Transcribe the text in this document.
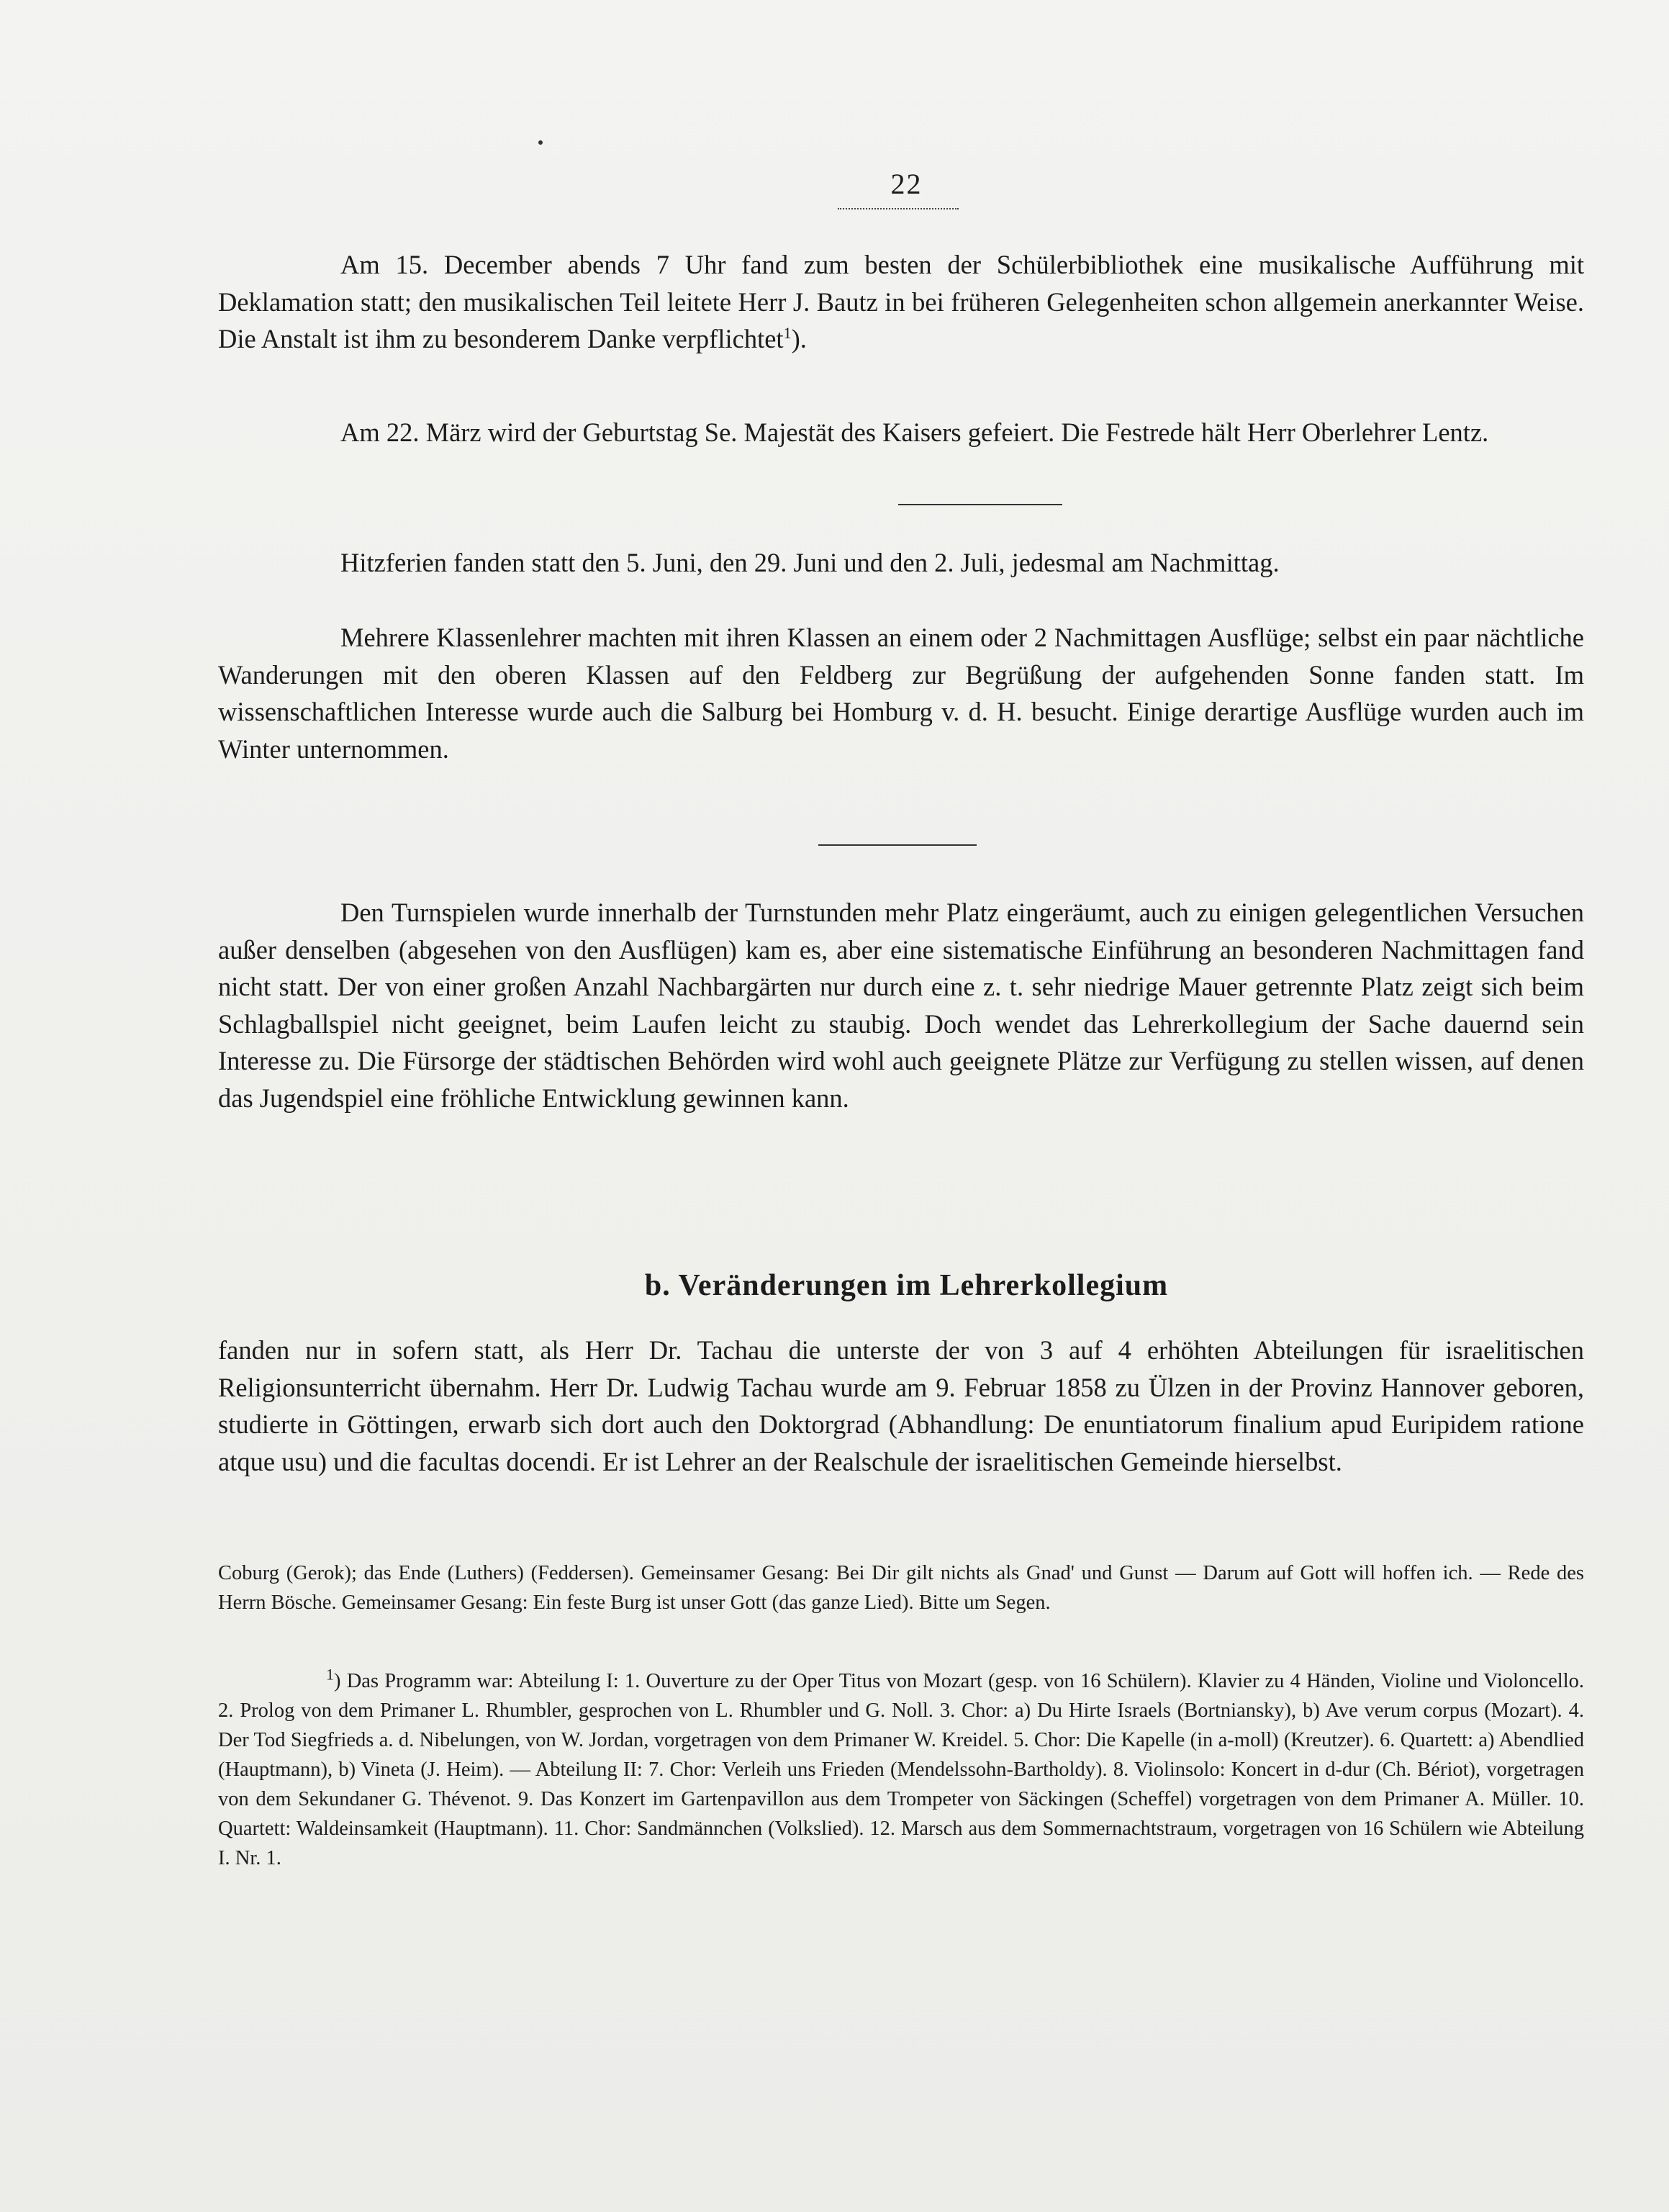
22

Am 15. December abends 7 Uhr fand zum besten der Schülerbibliothek eine musikalische Aufführung mit Deklamation statt; den musikalischen Teil leitete Herr J. Bautz in bei früheren Gelegenheiten schon allgemein anerkannter Weise. Die Anstalt ist ihm zu besonderem Danke verpflichtet$^1$).

Am 22. März wird der Geburtstag Se. Majestät des Kaisers gefeiert. Die Festrede hält Herr Oberlehrer Lentz.

Hitzferien fanden statt den 5. Juni, den 29. Juni und den 2. Juli, jedesmal am Nachmittag.

Mehrere Klassenlehrer machten mit ihren Klassen an einem oder 2 Nachmittagen Ausflüge; selbst ein paar nächtliche Wanderungen mit den oberen Klassen auf den Feldberg zur Begrüßung der aufgehenden Sonne fanden statt. Im wissenschaftlichen Interesse wurde auch die Salburg bei Homburg v. d. H. besucht. Einige derartige Ausflüge wurden auch im Winter unternommen.

Den Turnspielen wurde innerhalb der Turnstunden mehr Platz eingeräumt, auch zu einigen gelegentlichen Versuchen außer denselben (abgesehen von den Ausflügen) kam es, aber eine sistematische Einführung an besonderen Nachmittagen fand nicht statt. Der von einer großen Anzahl Nachbargärten nur durch eine z. t. sehr niedrige Mauer getrennte Platz zeigt sich beim Schlagballspiel nicht geeignet, beim Laufen leicht zu staubig. Doch wendet das Lehrerkollegium der Sache dauernd sein Interesse zu. Die Fürsorge der städtischen Behörden wird wohl auch geeignete Plätze zur Verfügung zu stellen wissen, auf denen das Jugendspiel eine fröhliche Entwicklung gewinnen kann.

b. Veränderungen im Lehrerkollegium

fanden nur in sofern statt, als Herr Dr. Tachau die unterste der von 3 auf 4 erhöhten Abteilungen für israelitischen Religionsunterricht übernahm. Herr Dr. Ludwig Tachau wurde am 9. Februar 1858 zu Ülzen in der Provinz Hannover geboren, studierte in Göttingen, erwarb sich dort auch den Doktorgrad (Abhandlung: De enuntiatorum finalium apud Euripidem ratione atque usu) und die facultas docendi. Er ist Lehrer an der Realschule der israelitischen Gemeinde hierselbst.

Coburg (Gerok); das Ende (Luthers) (Feddersen). Gemeinsamer Gesang: Bei Dir gilt nichts als Gnad' und Gunst — Darum auf Gott will hoffen ich. — Rede des Herrn Bösche. Gemeinsamer Gesang: Ein feste Burg ist unser Gott (das ganze Lied). Bitte um Segen.

$^1$) Das Programm war: Abteilung I: 1. Ouverture zu der Oper Titus von Mozart (gesp. von 16 Schülern). Klavier zu 4 Händen, Violine und Violoncello. 2. Prolog von dem Primaner L. Rhumbler, gesprochen von L. Rhumbler und G. Noll. 3. Chor: a) Du Hirte Israels (Bortniansky), b) Ave verum corpus (Mozart). 4. Der Tod Siegfrieds a. d. Nibelungen, von W. Jordan, vorgetragen von dem Primaner W. Kreidel. 5. Chor: Die Kapelle (in a-moll) (Kreutzer). 6. Quartett: a) Abendlied (Hauptmann), b) Vineta (J. Heim). — Abteilung II: 7. Chor: Verleih uns Frieden (Mendelssohn-Bartholdy). 8. Violinsolo: Koncert in d-dur (Ch. Bériot), vorgetragen von dem Sekundaner G. Thévenot. 9. Das Konzert im Gartenpavillon aus dem Trompeter von Säckingen (Scheffel) vorgetragen von dem Primaner A. Müller. 10. Quartett: Waldeinsamkeit (Hauptmann). 11. Chor: Sandmännchen (Volkslied). 12. Marsch aus dem Sommernachtstraum, vorgetragen von 16 Schülern wie Abteilung I. Nr. 1.
